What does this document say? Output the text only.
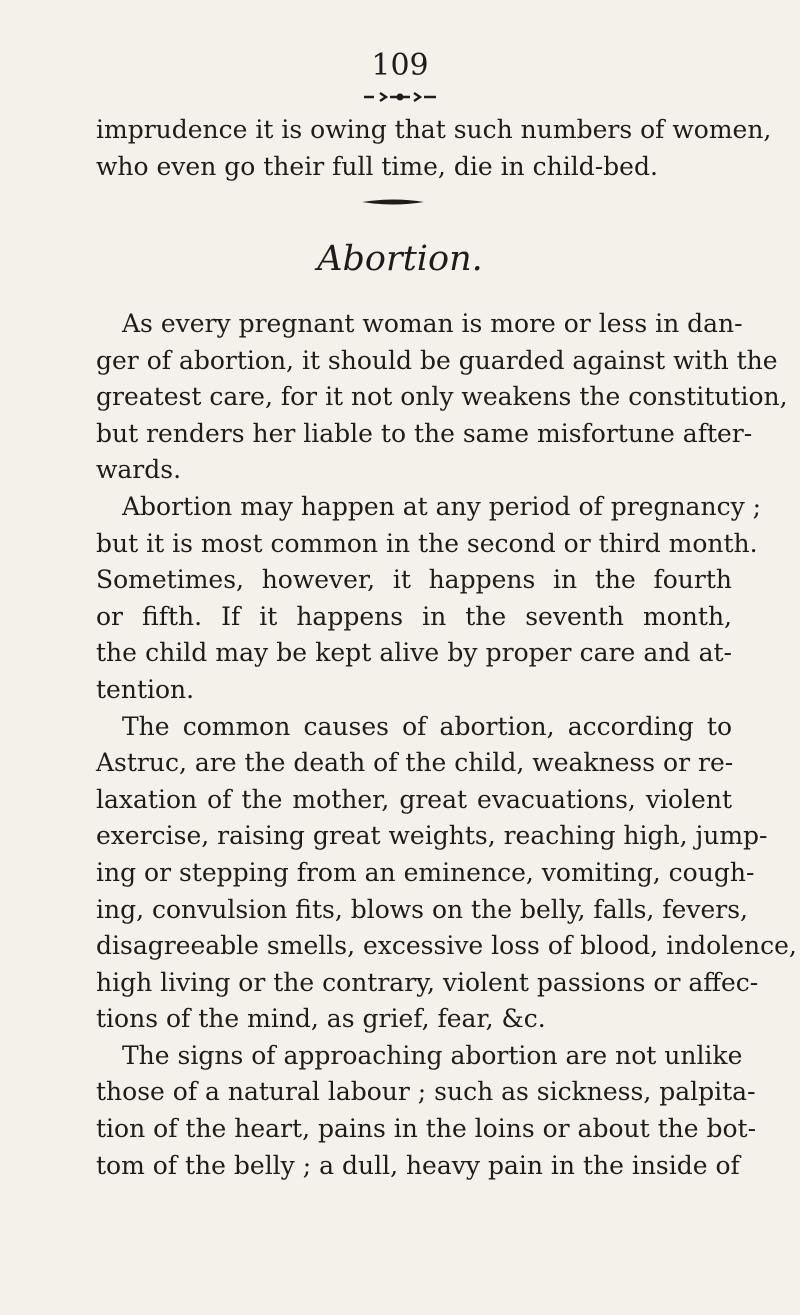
109
imprudence it is owing that such numbers of women,
who even go their full time, die in child-bed.
Abortion.
As every pregnant woman is more or less in dan-
ger of abortion, it should be guarded against with the
greatest care, for it not only weakens the constitution,
but renders her liable to the same misfortune after-
wards.
Abortion may happen at any period of pregnancy ;
but it is most common in the second or third month.
Sometimes, however, it happens in the fourth
or fifth. If it happens in the seventh month,
the child may be kept alive by proper care and at-
tention.
The common causes of abortion, according to
Astruc, are the death of the child, weakness or re-
laxation of the mother, great evacuations, violent
exercise, raising great weights, reaching high, jump-
ing or stepping from an eminence, vomiting, cough-
ing, convulsion fits, blows on the belly, falls, fevers,
disagreeable smells, excessive loss of blood, indolence,
high living or the contrary, violent passions or affec-
tions of the mind, as grief, fear, &c.
The signs of approaching abortion are not unlike
those of a natural labour ; such as sickness, palpita-
tion of the heart, pains in the loins or about the bot-
tom of the belly ; a dull, heavy pain in the inside of
